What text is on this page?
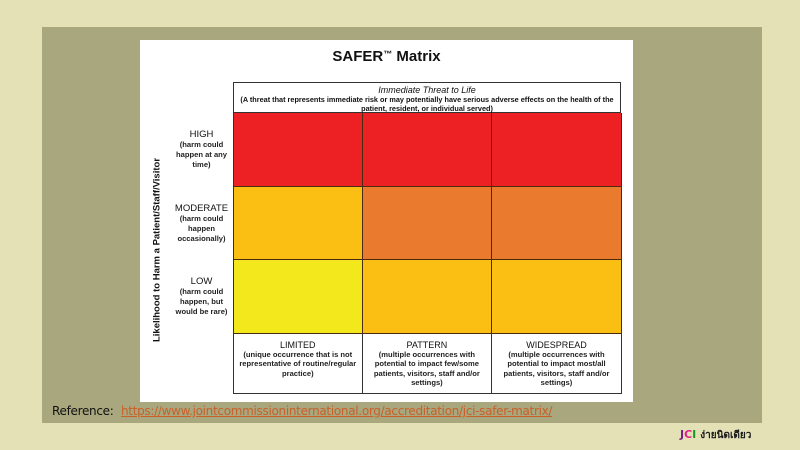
SAFER™ Matrix
Immediate Threat to Life
(A threat that represents immediate risk or may potentially have serious adverse effects on the health of the patient, resident, or individual served)
Likelihood to Harm a Patient/Staff/Visitor
HIGH
(harm could happen at any time)
MODERATE
(harm could happen occasionally)
LOW
(harm could happen, but would be rare)
LIMITED
(unique occurrence that is not representative of routine/regular practice)
PATTERN
(multiple occurrences with potential to impact few/some patients, visitors, staff and/or settings)
WIDESPREAD
(multiple occurrences with potential to impact most/all patients, visitors, staff and/or settings)
Reference: https://www.jointcommissioninternational.org/accreditation/jci-safer-matrix/
JCI ง่ายนิดเดียว
